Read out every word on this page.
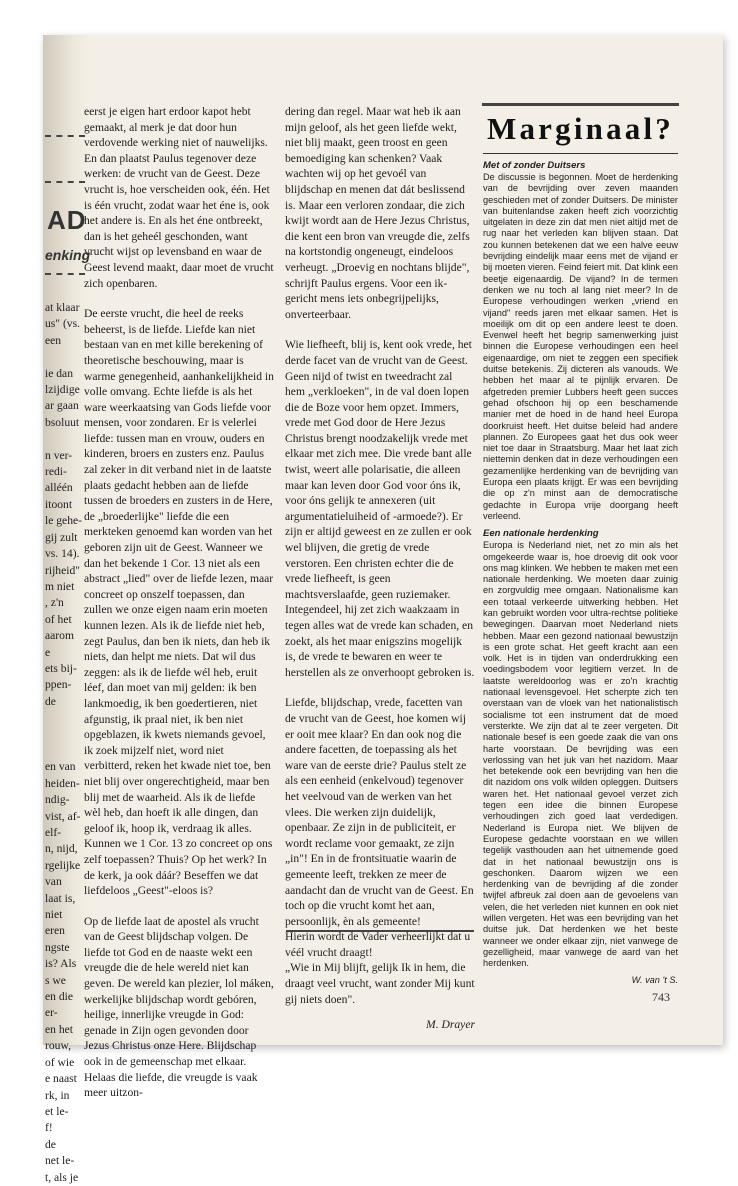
AD
enking
at klaar
us" (vs.
een

ie dan
lzijdige
ar gaan
bsoluut

n ver-
redi-
alléén
itoont
le gehe-
gij zult
vs. 14).
rijheid"
m niet
, z'n
of het
aarom
e
ets bij-
ppen-
de

en van
heiden-
ndig-
vist, af-
elf-
n, nijd,
rgelijke
van
laat is,
niet
eren
ngste
is? Als
s we
en die
er-
en het
rouw,
of wie
e naast
rk, in
et le-
f!
de
net le-
t, als je

eerst je eigen hart erdoor kapot hebt gemaakt, al merk je dat door hun verdovende werking niet of nauwelijks. En dan plaatst Paulus tegenover deze werken: de vrucht van de Geest. Deze vrucht is, hoe verscheiden ook, één. Het is één vrucht, zodat waar het éne is, ook het andere is. En als het éne ontbreekt, dan is het geheél geschonden, want vrucht wijst op levensband en waar de Geest levend maakt, daar moet de vrucht zich openbaren.

De eerste vrucht, die heel de reeks beheerst, is de liefde. Liefde kan niet bestaan van en met kille berekening of theoretische beschouwing, maar is warme genegenheid, aanhankelijkheid in volle omvang. Echte liefde is als het ware weerkaatsing van Gods liefde voor mensen, voor zondaren. Er is velerlei liefde: tussen man en vrouw, ouders en kinderen, broers en zusters enz. Paulus zal zeker in dit verband niet in de laatste plaats gedacht hebben aan de liefde tussen de broeders en zusters in de Here, de „broederlijke" liefde die een merkteken genoemd kan worden van het geboren zijn uit de Geest. Wanneer we dan het bekende 1 Cor. 13 niet als een abstract „lied" over de liefde lezen, maar concreet op onszelf toepassen, dan zullen we onze eigen naam erin moeten kunnen lezen. Als ik de liefde niet heb, zegt Paulus, dan ben ik niets, dan heb ik niets, dan helpt me niets. Dat wil dus zeggen: als ik de liefde wél heb, eruit léef, dan moet van mij gelden: ik ben lankmoedig, ik ben goedertieren, niet afgunstig, ik praal niet, ik ben niet opgeblazen, ik kwets niemands gevoel, ik zoek mijzelf niet, word niet verbitterd, reken het kwade niet toe, ben niet blij over ongerechtigheid, maar ben blij met de waarheid. Als ik de liefde wèl heb, dan hoeft ik alle dingen, dan geloof ik, hoop ik, verdraag ik alles. Kunnen we 1 Cor. 13 zo concreet op ons zelf toepassen? Thuis? Op het werk? In de kerk, ja ook dáár? Beseffen we dat liefdeloos „Geest"-eloos is?

Op de liefde laat de apostel als vrucht van de Geest blijdschap volgen. De liefde tot God en de naaste wekt een vreugde die de hele wereld niet kan geven. De wereld kan plezier, lol máken, werkelijke blijdschap wordt gebóren, heilige, innerlijke vreugde in God: genade in Zijn ogen gevonden door Jezus Christus onze Here. Blijdschap ook in de gemeenschap met elkaar. Helaas die liefde, die vreugde is vaak meer uitzon-

dering dan regel. Maar wat heb ik aan mijn geloof, als het geen liefde wekt, niet blij maakt, geen troost en geen bemoediging kan schenken? Vaak wachten wij op het gevoél van blijdschap en menen dat dát beslissend is. Maar een verloren zondaar, die zich kwijt wordt aan de Here Jezus Christus, die kent een bron van vreugde die, zelfs na kortstondig ongeneugt, eindeloos verheugt. „Droevig en nochtans blijde", schrijft Paulus ergens. Voor een ik-gericht mens iets onbegrijpelijks, onverteerbaar.

Wie liefheeft, blij is, kent ook vrede, het derde facet van de vrucht van de Geest. Geen nijd of twist en tweedracht zal hem „verkloeken", in de val doen lopen die de Boze voor hem opzet. Immers, vrede met God door de Here Jezus Christus brengt noodzakelijk vrede met elkaar met zich mee. Die vrede bant alle twist, weert alle polarisatie, die alleen maar kan leven door God voor óns ik, voor óns gelijk te annexeren (uit argumentatieluiheid of -armoede?). Er zijn er altijd geweest en ze zullen er ook wel blijven, die gretig de vrede verstoren. Een christen echter die de vrede liefheeft, is geen machtsverslaafde, geen ruziemaker. Integendeel, hij zet zich waakzaam in tegen alles wat de vrede kan schaden, en zoekt, als het maar enigszins mogelijk is, de vrede te bewaren en weer te herstellen als ze onverhoopt gebroken is.

Liefde, blijdschap, vrede, facetten van de vrucht van de Geest, hoe komen wij er ooit mee klaar? En dan ook nog die andere facetten, de toepassing als het ware van de eerste drie? Paulus stelt ze als een eenheid (enkelvoud) tegenover het veelvoud van de werken van het vlees. Die werken zijn duidelijk, openbaar. Ze zijn in de publiciteit, er wordt reclame voor gemaakt, ze zijn „in"! En in de frontsituatie waarin de gemeente leeft, trekken ze meer de aandacht dan de vrucht van de Geest. En toch op die vrucht komt het aan, persoonlijk, èn als gemeente!

Hierin wordt de Vader verheerlijkt dat u véél vrucht draagt!

„Wie in Mij blijft, gelijk Ik in hem, die draagt veel vrucht, want zonder Mij kunt gij niets doen".

M. Drayer
Marginaal?
Met of zonder Duitsers

De discussie is begonnen. Moet de herdenking van de bevrijding over zeven maanden geschieden met of zonder Duitsers. De minister van buitenlandse zaken heeft zich voorzichtig uitgelaten in deze zin dat men niet altijd met de rug naar het verleden kan blijven staan. Dat zou kunnen betekenen dat we een halve eeuw bevrijding eindelijk maar eens met de vijand er bij moeten vieren. Feind feiert mit. Dat klink een beetje eigenaardig. De vijand? In de termen denken we nu toch al lang niet meer? In de Europese verhoudingen werken „vriend en vijand" reeds jaren met elkaar samen. Het is moeilijk om dit op een andere leest te doen. Evenwel heeft het begrip samenwerking juist binnen die Europese verhoudingen een heel eigenaardige, om niet te zeggen een specifiek duitse betekenis. Zij dicteren als vanouds. We hebben het maar al te pijnlijk ervaren. De afgetreden premier Lubbers heeft geen succes gehad ofschoon hij op een beschamende manier met de hoed in de hand heel Europa doorkruist heeft. Het duitse beleid had andere plannen. Zo Europees gaat het dus ook weer niet toe daar in Straatsburg. Maar het laat zich niettemin denken dat in deze verhoudingen een gezamenlijke herdenking van de bevrijding van Europa een plaats krijgt. Er was een bevrijding die op z'n minst aan de democratische gedachte in Europa vrije doorgang heeft verleend.

Een nationale herdenking

Europa is Nederland niet, net zo min als het omgekeerde waar is, hoe droevig dit ook voor ons mag klinken. We hebben te maken met een nationale herdenking. We moeten daar zuinig en zorgvuldig mee omgaan. Nationalisme kan een totaal verkeerde uitwerking hebben. Het kan gebruikt worden voor ultra-rechtse politieke bewegingen. Daarvan moet Nederland niets hebben. Maar een gezond nationaal bewustzijn is een grote schat. Het geeft kracht aan een volk. Het is in tijden van onderdrukking een voedingsbodem voor legitiem verzet. In de laatste wereldoorlog was er zo'n krachtig nationaal levensgevoel. Het scherpte zich ten overstaan van de vloek van het nationalistisch socialisme tot een instrument dat de moed versterkte. We zijn dat al te zeer vergeten. Dit nationale besef is een goede zaak die van ons harte voorstaan. De bevrijding was een verlossing van het juk van het nazidom. Maar het betekende ook een bevrijding van hen die dit nazidom ons volk wilden opleggen. Duitsers waren het. Het nationaal gevoel verzet zich tegen een idee die binnen Europese verhoudingen zich goed laat verdedigen. Nederland is Europa niet. We blijven de Europese gedachte voorstaan en we willen tegelijk vasthouden aan het uitnemende goed dat in het nationaal bewustzijn ons is geschonken. Daarom wijzen we een herdenking van de bevrijding af die zonder twijfel afbreuk zal doen aan de gevoelens van velen, die het verleden niet kunnen en ook niet willen vergeten. Het was een bevrijding van het duitse juk. Dat herdenken we het beste wanneer we onder elkaar zijn, niet vanwege de gezelligheid, maar vanwege de aard van het herdenken.

W. van 't S.
743
